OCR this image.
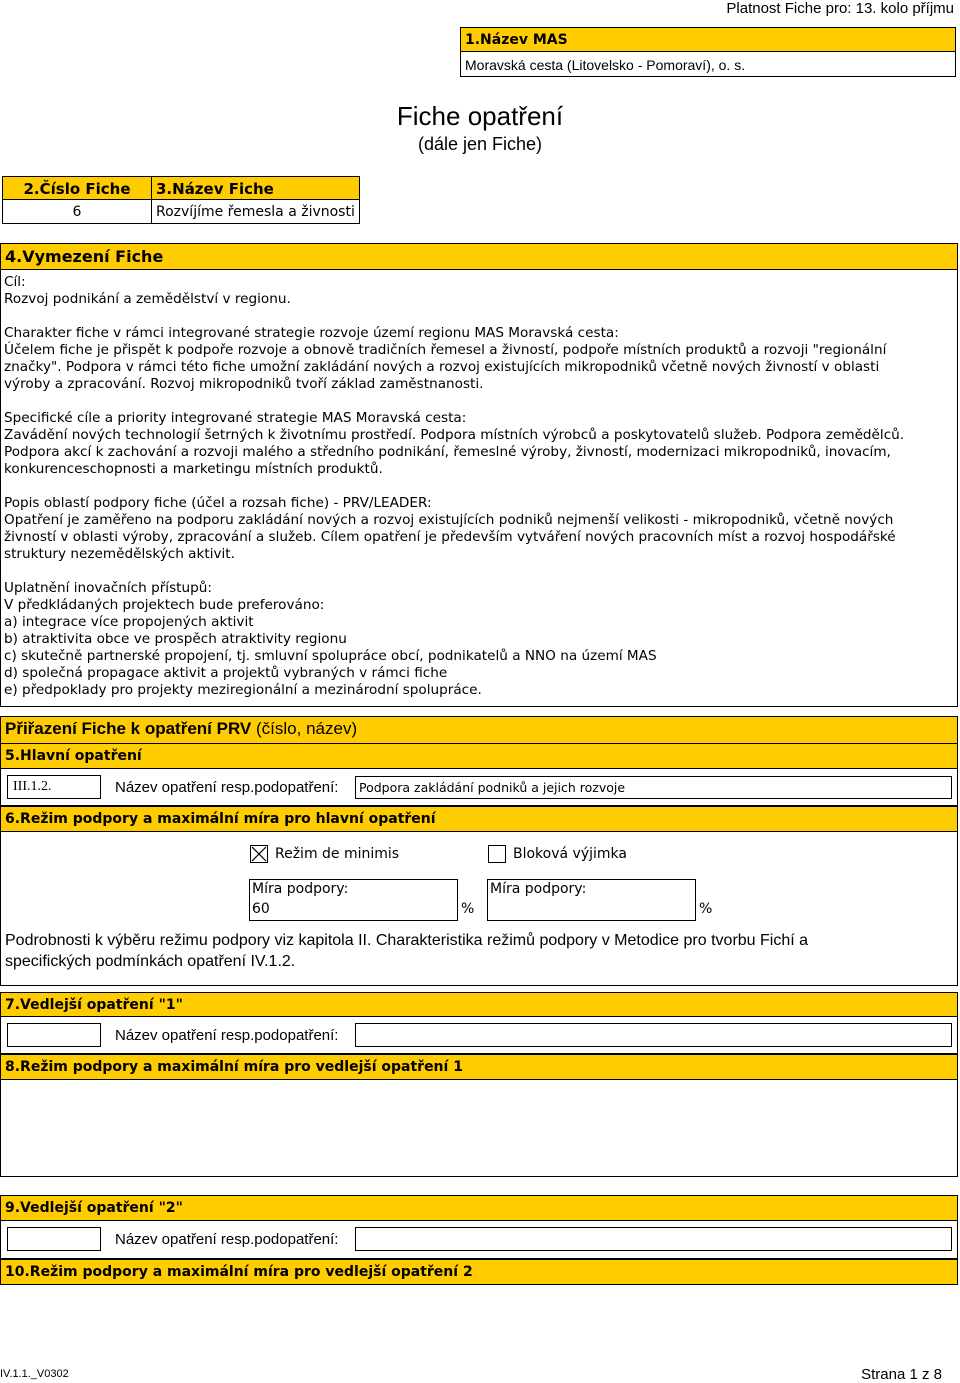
Platnost Fiche pro: 13. kolo příjmu
1.Název MAS
Moravská cesta (Litovelsko - Pomoraví), o. s.
Fiche opatření
(dále jen Fiche)
2.Číslo Fiche
6
3.Název Fiche
Rozvíjíme řemesla a živnosti
4.Vymezení Fiche
Cíl:
Rozvoj podnikání a zemědělství v regionu.

Charakter fiche v rámci integrované strategie rozvoje území regionu MAS Moravská cesta:
Účelem fiche je přispět k podpoře rozvoje a obnově tradičních řemesel a živností, podpoře místních produktů a rozvoji "regionální
značky". Podpora v rámci této fiche umožní zakládání nových a rozvoj existujících mikropodniků včetně nových živností v oblasti
výroby a zpracování. Rozvoj mikropodniků tvoří základ zaměstnanosti.

Specifické cíle a priority integrované strategie MAS Moravská cesta:
Zavádění nových technologií šetrných k životnímu prostředí. Podpora místních výrobců a poskytovatelů služeb. Podpora zemědělců.
Podpora akcí k zachování a rozvoji malého a středního podnikání, řemeslné výroby, živností, modernizaci mikropodniků, inovacím,
konkurenceschopnosti a marketingu místních produktů.

Popis oblastí podpory fiche (účel a rozsah fiche) - PRV/LEADER:
Opatření je zaměřeno na podporu zakládání nových a rozvoj existujících podniků nejmenší velikosti - mikropodniků, včetně nových
živností v oblasti výroby, zpracování a služeb. Cílem opatření je především vytváření nových pracovních míst a rozvoj hospodářské
struktury nezemědělských aktivit.

Uplatnění inovačních přístupů:
V předkládaných projektech bude preferováno:
a) integrace více propojených aktivit
b) atraktivita obce ve prospěch atraktivity regionu
c) skutečně partnerské propojení, tj. smluvní spolupráce obcí, podnikatelů a NNO na území MAS
d) společná propagace aktivit a projektů vybraných v rámci fiche
e) předpoklady pro projekty meziregionální a mezinárodní spolupráce.
Přiřazení Fiche k opatření PRV (číslo, název)
5.Hlavní opatření
III.1.2.	Název opatření resp.podopatření:	Podpora zakládání podniků a jejich rozvoje
6.Režim podpory a maximální míra pro hlavní opatření
Režim de minimis	Bloková výjimka
Míra podpory:
60	%
Míra podpory:
%
Podrobnosti k výběru režimu podpory viz kapitola II. Charakteristika režimů podpory v Metodice pro tvorbu Fichí a
specifických podmínkách opatření IV.1.2.
7.Vedlejší opatření "1"
Název opatření resp.podopatření:
8.Režim podpory a maximální míra pro vedlejší opatření 1
9.Vedlejší opatření "2"
Název opatření resp.podopatření:
10.Režim podpory a maximální míra pro vedlejší opatření 2
IV.1.1._V0302	Strana 1 z 8
